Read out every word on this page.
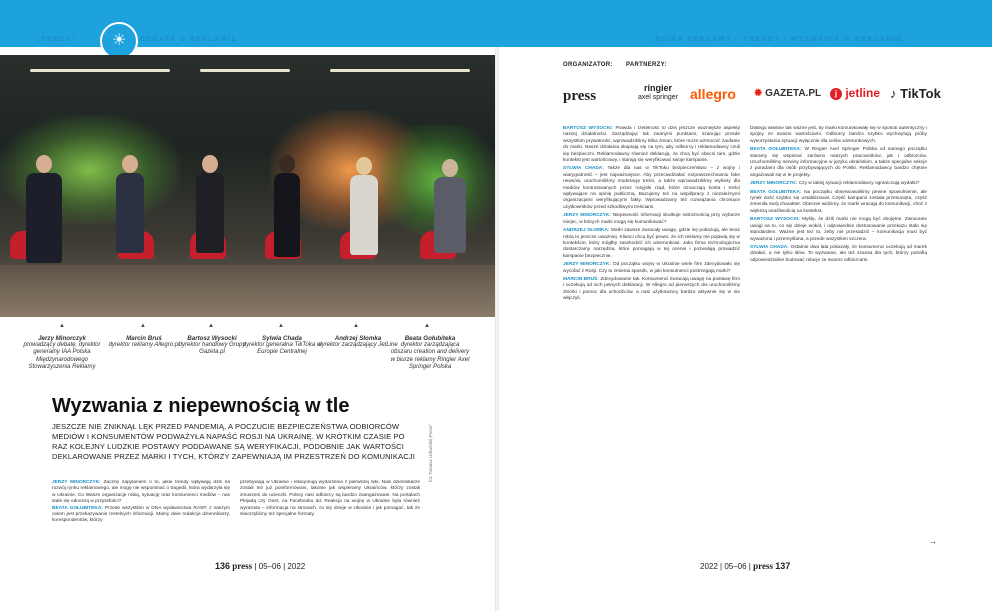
„PRESS”	☀	DEBATA O REKLAMIE	BIURA REKLAMY – TRENDY I WYZWANIA W REKLAMIE
▲	▲	▲	▲	▲	▲
Jerzy Minorczyk
prowadzący debatę, dyrektor generalny IAA Polska Międzynarodowego Stowarzyszenia Reklamy
Marcin Bruś
dyrektor reklamy Allegro.pl
Bartosz Wysocki
dyrektor handlowy Grupy Gazeta.pl
Sylwia Chada
dyrektor generalna TikToka w Europie Centralnej
Andrzej Słomka
dyrektor zarządzający JetLine
Beata Gołubiteka
dyrektor zarządzająca obszaru creation and delivery w biurze reklamy Ringier Axel Springer Polska
Wyzwania z niepewnością w tle
JESZCZE NIE ZNIKNĄŁ LĘK PRZED PANDEMIĄ, A POCZUCIE BEZPIECZEŃSTWA ODBIORCÓW MEDIÓW I KONSUMENTÓW PODWAŻYŁA NAPAŚĆ ROSJI NA UKRAINĘ. W KRÓTKIM CZASIE PO RAZ KOLEJNY LUDZKIE POSTAWY PODDAWANE SĄ WERYFIKACJI, PODOBNIE JAK WARTOŚCI DEKLAROWANE PRZEZ MARKI I TYCH, KTÓRZY ZAPEWNIAJĄ IM PRZESTRZEŃ DO KOMUNIKACJI

JERZY MINORCZYK: Zacznę zapytaniem o to, jakie trendy wpływają dziś na rozwój rynku reklamowego, ale mogę nie wspominać o tragedii, która wydarzyła się w Ukrainie. Co Wasze organizacje robią, sytuację oraz konsumenci mediów – nas stale się odnoszą w przyszłości?

BEATA GOŁUBITEKA: Przede wszystkim w DNA wydawnictwa RASP, z naszym celem jest przekazywanie rzetelnych informacji. Mamy dwie redakcje dziennikarzy, korespondentów, którzy

przebywają w Ukrainie i relacjonują wydarzenia z pierwszej ręki. Nasi dziennikarze zostali też już poinformowani, lakonie jak wspieramy Ukraińców, którzy zostali zmuszeni do ucieczki. Polscy nasi odbiorcy są bardzo zaangażowani. Na portalach Plejadą czy Onet, na Facebooku itd. Reakcja na wojnę w Ukrainie była również wyrazista – informacja na stronach, co się dzieje w Ukrainie i jak pomagać, tak że stworzyliśmy też specjalne formaty.

fot. Tomasz Urbański/„Press”
ORGANIZATOR: PARTNERZY:
press	ringier
axel springer allegro ✹ GAZETA.PL	j jetline ♪ TikTok

BARTOSZ WYSOCKI: Prawda i rzetelność to dziś jeszcze ważniejsze aspekty naszej działalności. Zarządzając tak zwanymi punktami, szanując przede wszystkim prywatność, wprowadziliśmy kilka zmian, które może wzmocnić zaufanie do marki. Nasze działania skupiają się na tym, aby odbiorcy i reklamodawcy czuli się bezpieczni. Reklamodawcy również deklarują, że chcą być obecni tam, gdzie kontekst jest wartościowy, i starają się weryfikować swoje kampanie.

SYLWIA CHADA: Także dla nas w TikToku bezpieczeństwo – z wojny i wiarygodność – jest najważniejsze. Aby przeciwdziałać rozpowszechnianiu fake newsów, uruchomiliśmy moderację treści, a także wprowadziliśmy etykiety dla mediów kontrolowanych przez rosyjski rząd, które oznaczają konta i treści wpływające na opinię publiczną. Bazujemy też na współpracy z niezależnymi organizacjami weryfikującymi fakty. Wprowadzamy też rozwiązania chroniące użytkowników przed szkodliwymi treściami.

JERZY MINORCZYK: Niepewność informacji skutkuje ostrożnością przy wyborze miejsc, w których marki mogą się komunikować?

ANDRZEJ SŁOMKA: Marki zawsze zwracały uwagę, gdzie się pokazują, ale teraz robią to jeszcze uważniej. Klienci chcą być pewni, że ich reklamy nie pojawią się w kontekście, który mógłby zaszkodzić ich wizerunkowi. Jako firma technologiczna dostarczamy narzędzia, które pomagają w tej ocenie i pozwalają prowadzić kampanie bezpiecznie.

JERZY MINORCZYK: Od początku wojny w Ukrainie wiele firm zdecydowało się wycofać z Rosji. Czy to zmienia sposób, w jaki konsumenci postrzegają marki?

MARCIN BRUŚ: Zdecydowanie tak. Konsumenci zwracają uwagę na postawę firm i oczekują od nich jasnych deklaracji. W Allegro od pierwszych dni uruchomiliśmy zbiórki i pomoc dla uchodźców, a nasi użytkownicy bardzo aktywnie się w nie włączyli.

Dlatego właśnie tak ważne jest, by marki komunikowały się w sposób autentyczny i spójny ze swoimi wartościami. Odbiorcy bardzo szybko wychwytują próby wykorzystania sytuacji wyłącznie dla celów wizerunkowych.

BEATA GOŁUBITEKA: W Ringier Axel Springer Polska od samego początku staramy się wspierać zarówno naszych pracowników, jak i odbiorców. Uruchomiliśmy serwisy informacyjne w języku ukraińskim, a także specjalne sekcje z poradami dla osób przybywających do Polski. Reklamodawcy bardzo chętnie angażowali się w te projekty.

JERZY MINORCZYK: Czy w takiej sytuacji reklamodawcy ograniczają wydatki?

BEATA GOŁUBITEKA: Na początku obserwowaliśmy pewne spowolnienie, ale rynek dość szybko się ustabilizował. Część kampanii została przesunięta, część zmieniła swój charakter. Obecnie widzimy, że marki wracają do komunikacji, choć z większą wrażliwością na kontekst.

BARTOSZ WYSOCKI: Myślę, że dziś marki nie mogą być obojętne. Zwracanie uwagi na to, co się dzieje wokół, i odpowiednie dostosowanie przekazu stało się standardem. Ważne jest też to, żeby nie przesadzić – komunikacja musi być wyważona i przemyślana, a przede wszystkim szczera.

SYLWIA CHADA: Ostatnie dwa lata pokazały, że konsumenci oczekują od marek działań, a nie tylko słów. To wyzwanie, ale też szansa dla tych, którzy potrafią odpowiedzialnie budować relacje ze swoimi odbiorcami.

→
136 press | 05–06 | 2022	2022 | 05–06 | press 137
